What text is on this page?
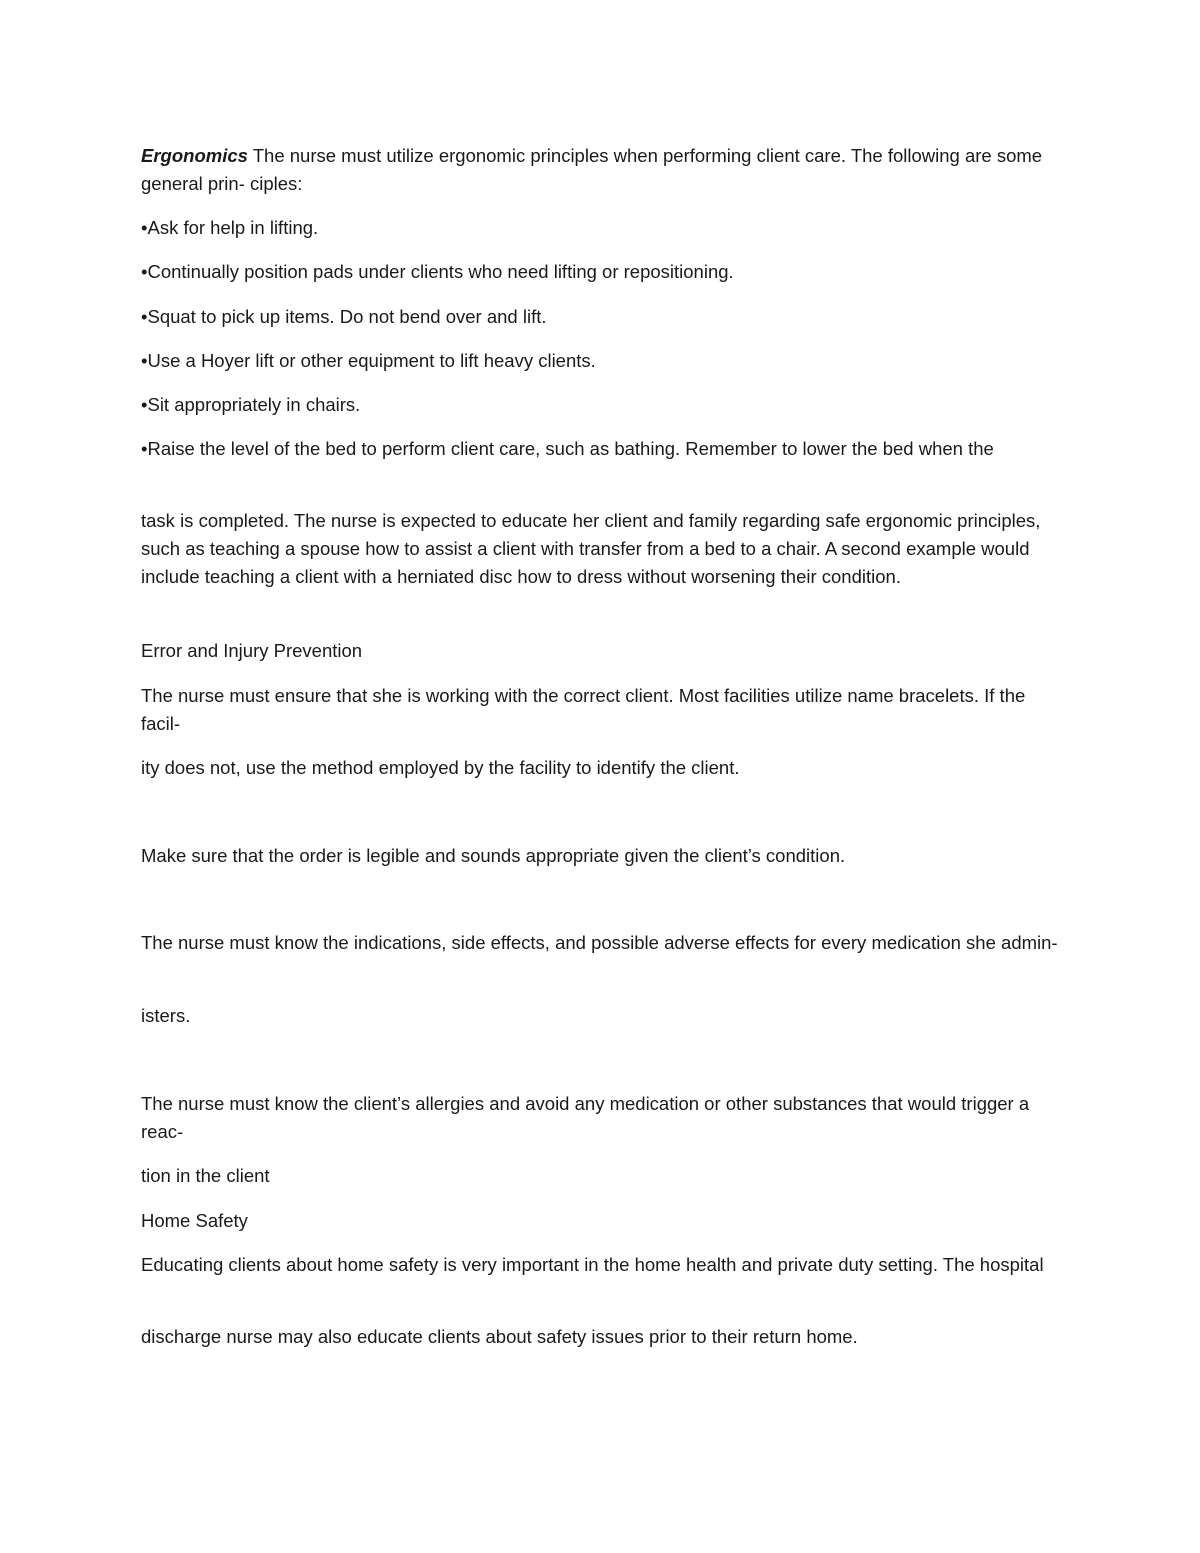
Ergonomics The nurse must utilize ergonomic principles when performing client care. The following are some general prin- ciples:

•Ask for help in lifting.

•Continually position pads under clients who need lifting or repositioning.

•Squat to pick up items. Do not bend over and lift.

•Use a Hoyer lift or other equipment to lift heavy clients.

•Sit appropriately in chairs.

•Raise the level of the bed to perform client care, such as bathing. Remember to lower the bed when the

task is completed. The nurse is expected to educate her client and family regarding safe ergonomic principles, such as teaching a spouse how to assist a client with transfer from a bed to a chair. A second example would include teaching a client with a herniated disc how to dress without worsening their condition.

Error and Injury Prevention

The nurse must ensure that she is working with the correct client. Most facilities utilize name bracelets. If the facil-

ity does not, use the method employed by the facility to identify the client.

Make sure that the order is legible and sounds appropriate given the client’s condition.

The nurse must know the indications, side effects, and possible adverse effects for every medication she admin-

isters.

The nurse must know the client’s allergies and avoid any medication or other substances that would trigger a reac-

tion in the client

Home Safety

Educating clients about home safety is very important in the home health and private duty setting. The hospital

discharge nurse may also educate clients about safety issues prior to their return home.
